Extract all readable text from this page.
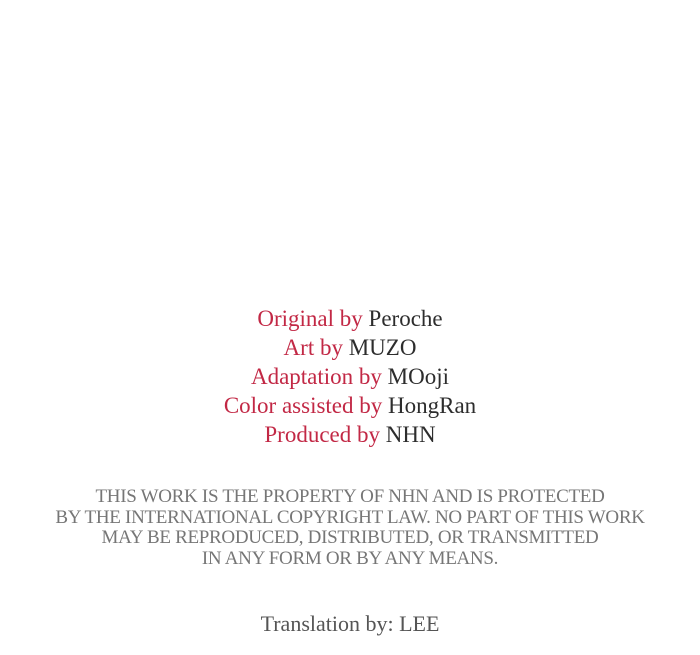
Original by Peroche
Art by MUZO
Adaptation by MOoji
Color assisted by HongRan
Produced by NHN
THIS WORK IS THE PROPERTY OF NHN AND IS PROTECTED
BY THE INTERNATIONAL COPYRIGHT LAW. NO PART OF THIS WORK
MAY BE REPRODUCED, DISTRIBUTED, OR TRANSMITTED
IN ANY FORM OR BY ANY MEANS.
Translation by: LEE
